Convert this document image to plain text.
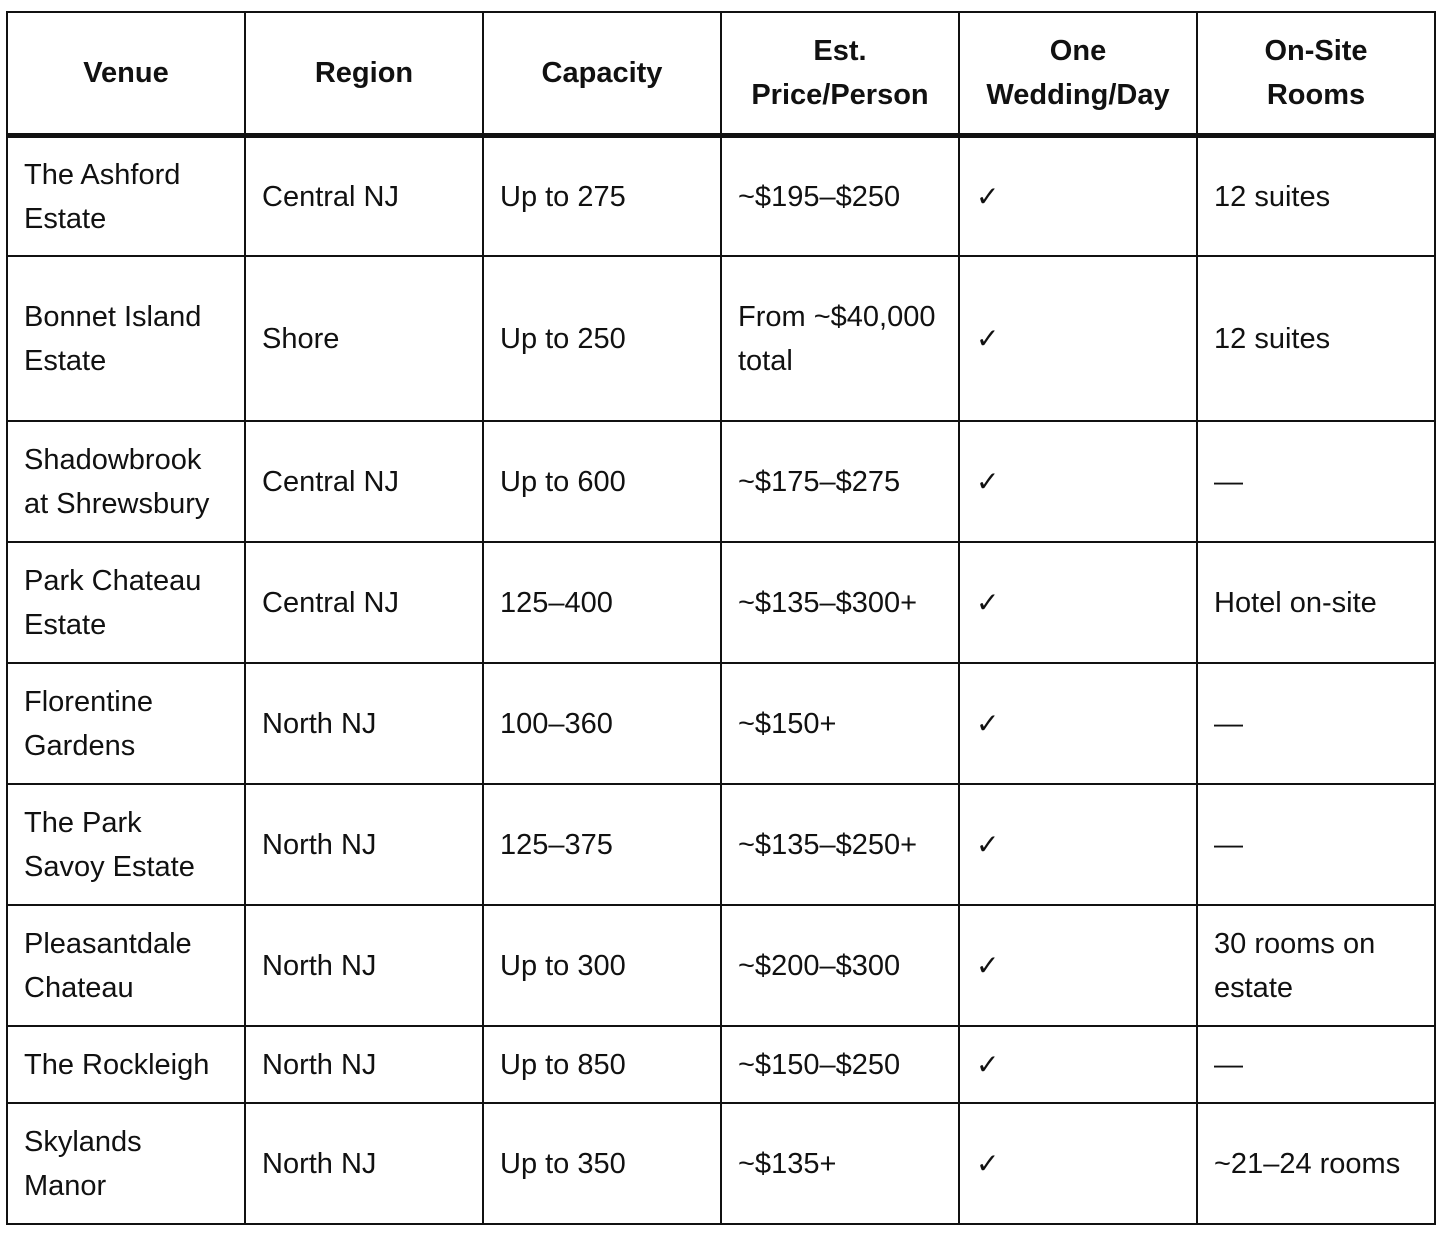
Venue	Region	Capacity	Est. Price/Person	One Wedding/Day	On-Site Rooms
The Ashford Estate	Central NJ	Up to 275	~$195–$250	✓	12 suites
Bonnet Island Estate	Shore	Up to 250	From ~$40,000 total	✓	12 suites
Shadowbrook at Shrewsbury	Central NJ	Up to 600	~$175–$275	✓	—
Park Chateau Estate	Central NJ	125–400	~$135–$300+	✓	Hotel on-site
Florentine Gardens	North NJ	100–360	~$150+	✓	—
The Park Savoy Estate	North NJ	125–375	~$135–$250+	✓	—
Pleasantdale Chateau	North NJ	Up to 300	~$200–$300	✓	30 rooms on estate
The Rockleigh	North NJ	Up to 850	~$150–$250	✓	—
Skylands Manor	North NJ	Up to 350	~$135+	✓	~21–24 rooms
